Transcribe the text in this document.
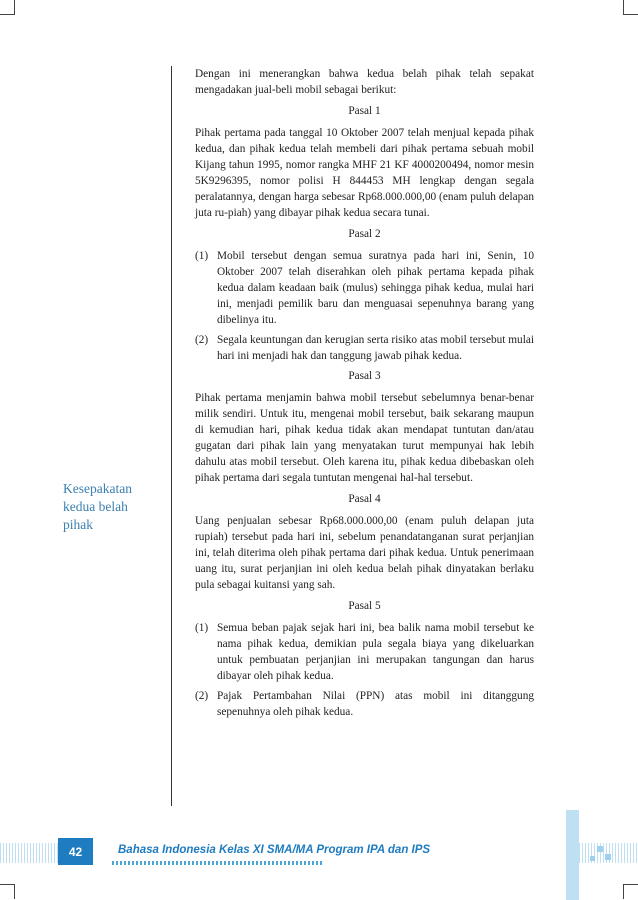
Kesepakatan
kedua belah
pihak

Dengan ini menerangkan bahwa kedua belah pihak telah sepakat mengadakan jual-beli mobil sebagai berikut:

Pasal 1

Pihak pertama pada tanggal 10 Oktober 2007 telah menjual kepada pihak kedua, dan pihak kedua telah membeli dari pihak pertama sebuah mobil Kijang tahun 1995, nomor rangka MHF 21 KF 4000200494, nomor mesin 5K9296395, nomor polisi H 844453 MH lengkap dengan segala peralatannya, dengan harga sebesar Rp68.000.000,00 (enam puluh delapan juta ru-piah) yang dibayar pihak kedua secara tunai.

Pasal 2
(1) Mobil tersebut dengan semua suratnya pada hari ini, Senin, 10 Oktober 2007 telah diserahkan oleh pihak pertama kepada pihak kedua dalam keadaan baik (mulus) sehingga pihak kedua, mulai hari ini, menjadi pemilik baru dan menguasai sepenuhnya barang yang dibelinya itu.
(2) Segala keuntungan dan kerugian serta risiko atas mobil tersebut mulai hari ini menjadi hak dan tanggung jawab pihak kedua.
Pasal 3

Pihak pertama menjamin bahwa mobil tersebut sebelumnya benar-benar milik sendiri. Untuk itu, mengenai mobil tersebut, baik sekarang maupun di kemudian hari, pihak kedua tidak akan mendapat tuntutan dan/atau gugatan dari pihak lain yang menyatakan turut mempunyai hak lebih dahulu atas mobil tersebut. Oleh karena itu, pihak kedua dibebaskan oleh pihak pertama dari segala tuntutan mengenai hal-hal tersebut.

Pasal 4

Uang penjualan sebesar Rp68.000.000,00 (enam puluh delapan juta rupiah) tersebut pada hari ini, sebelum penandatanganan surat perjanjian ini, telah diterima oleh pihak pertama dari pihak kedua. Untuk penerimaan uang itu, surat perjanjian ini oleh kedua belah pihak dinyatakan berlaku pula sebagai kuitansi yang sah.

Pasal 5
(1) Semua beban pajak sejak hari ini, bea balik nama mobil tersebut ke nama pihak kedua, demikian pula segala biaya yang dikeluarkan untuk pembuatan perjanjian ini merupakan tangungan dan harus dibayar oleh pihak kedua.
(2) Pajak Pertambahan Nilai (PPN) atas mobil ini ditanggung sepenuhnya oleh pihak kedua.
42	Bahasa Indonesia Kelas XI SMA/MA Program IPA dan IPS
